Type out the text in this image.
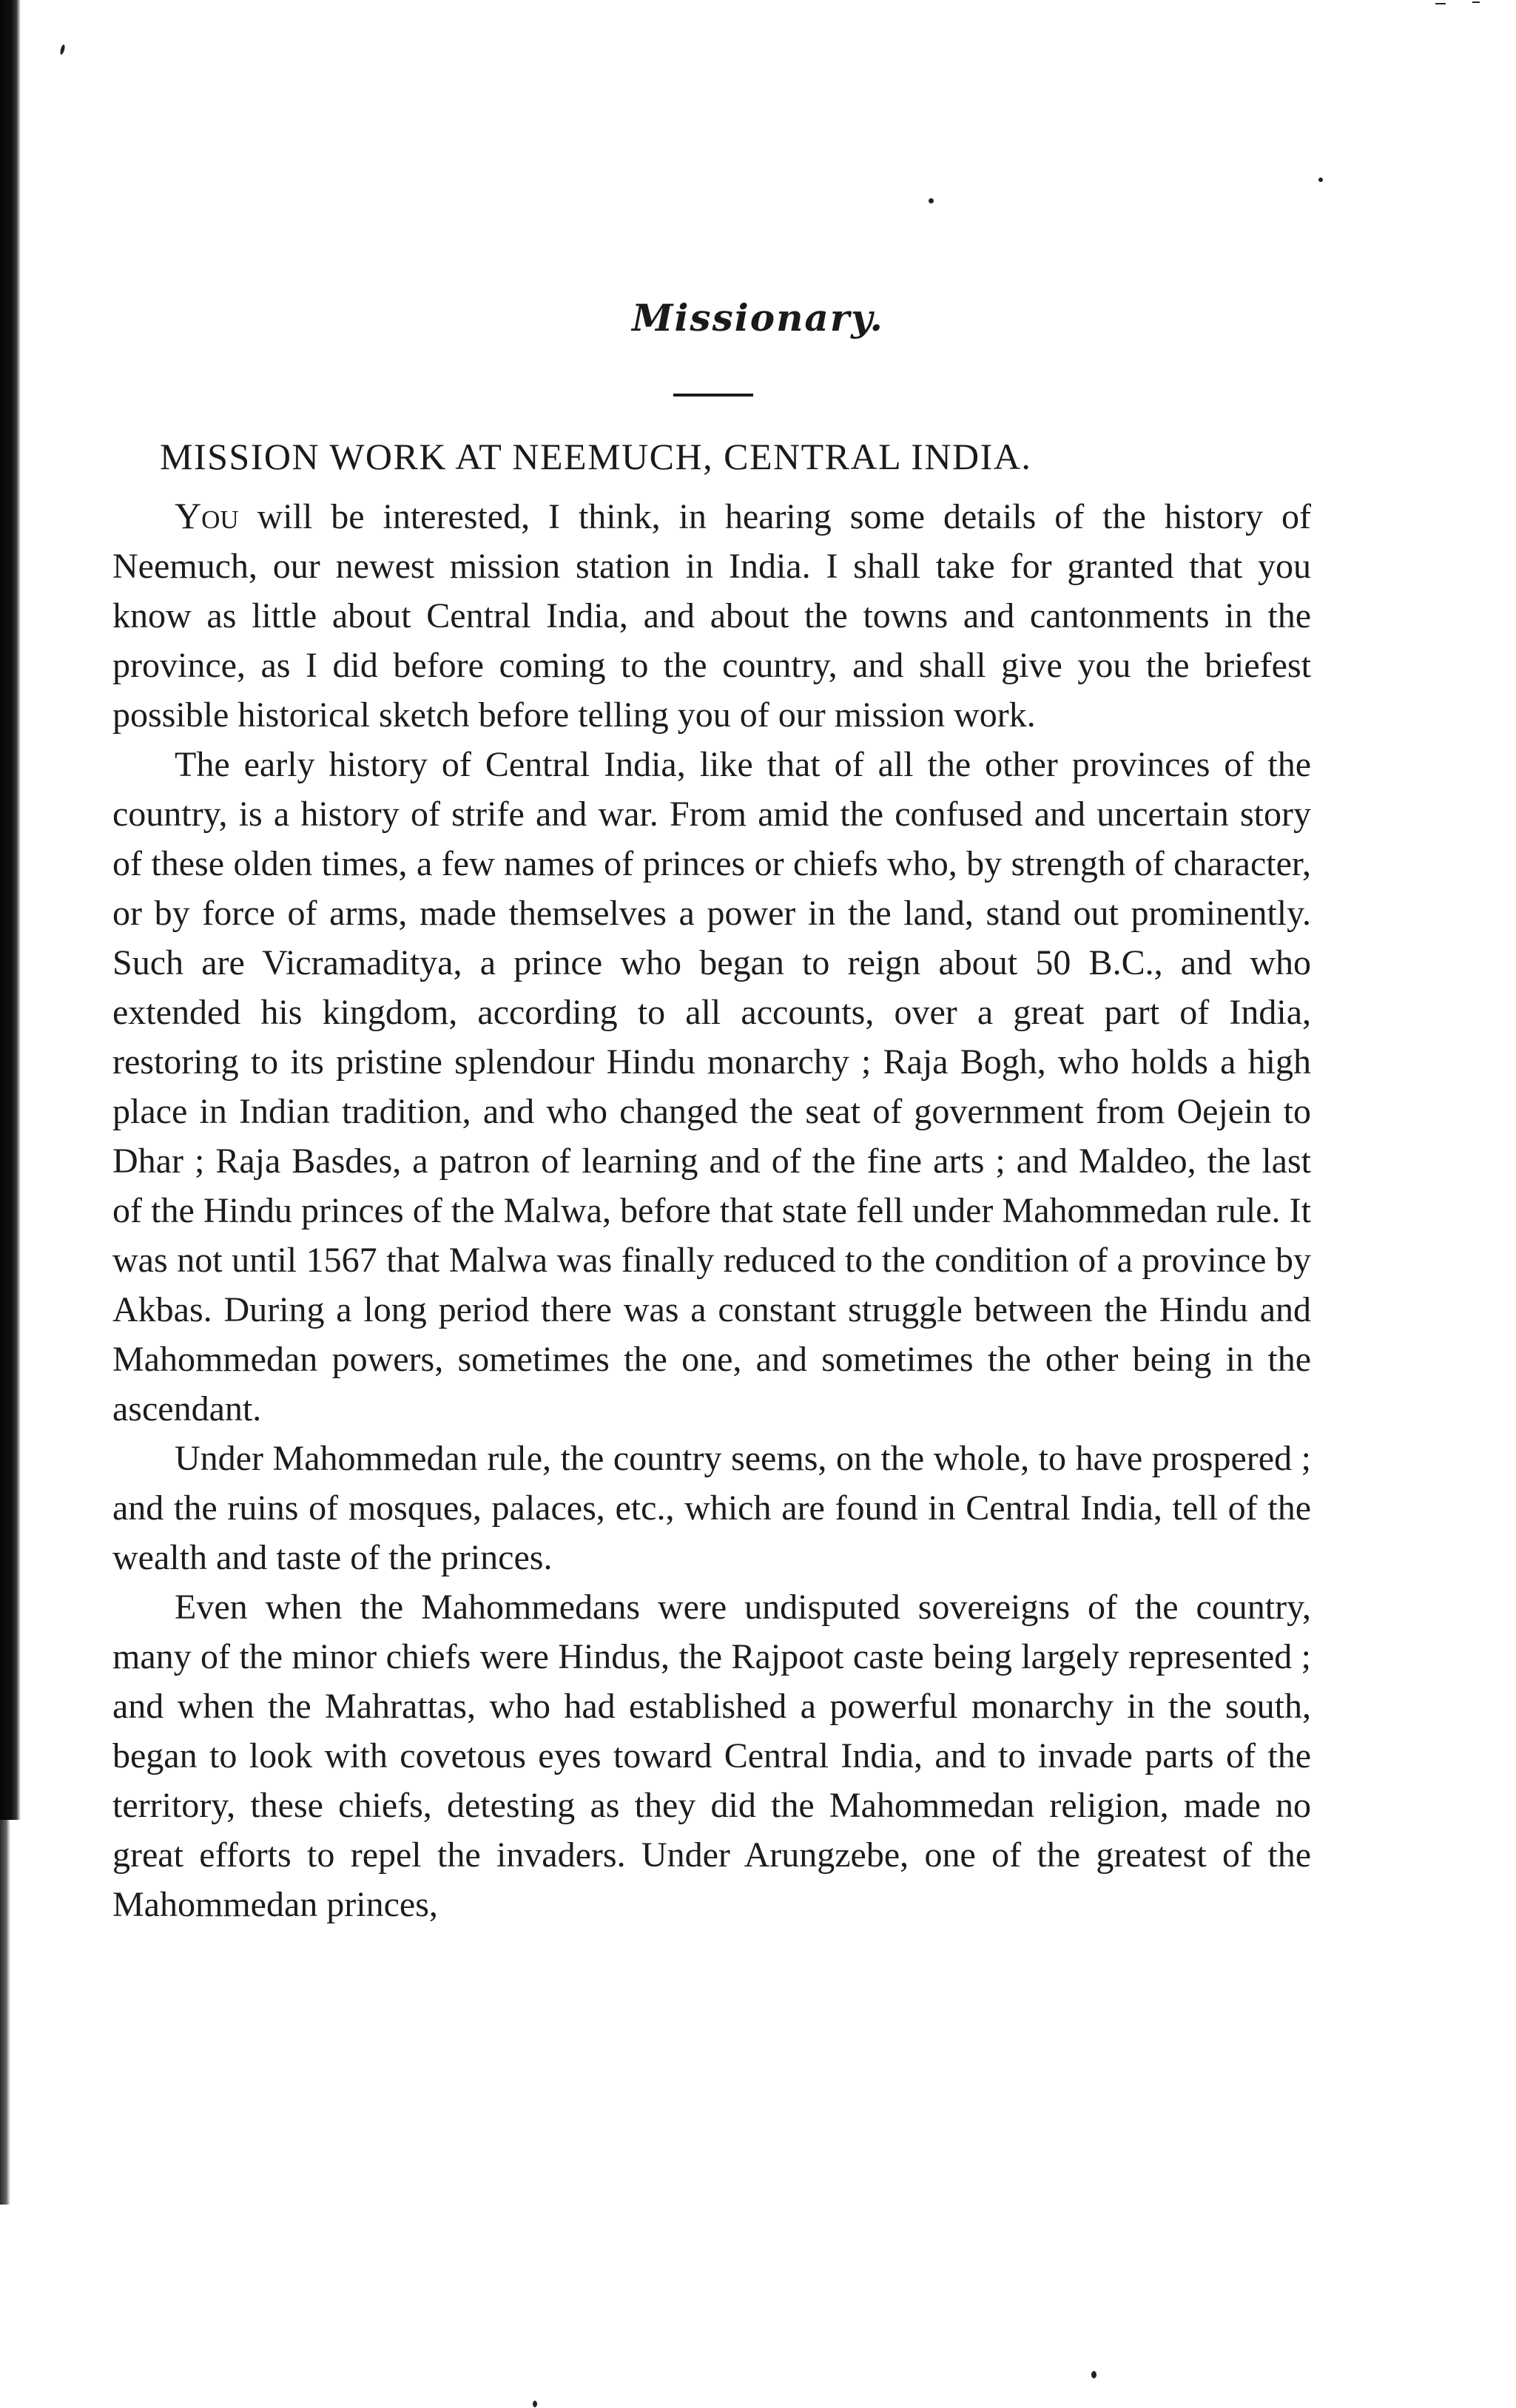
Missionary.
MISSION WORK AT NEEMUCH, CENTRAL INDIA.

You will be interested, I think, in hearing some details of the history of Neemuch, our newest mission station in India. I shall take for granted that you know as little about Central India, and about the towns and cantonments in the province, as I did before coming to the country, and shall give you the briefest possible historical sketch before telling you of our mission work.

The early history of Central India, like that of all the other provinces of the country, is a history of strife and war. From amid the confused and uncertain story of these olden times, a few names of princes or chiefs who, by strength of character, or by force of arms, made themselves a power in the land, stand out prominently. Such are Vicramaditya, a prince who began to reign about 50 B.C., and who extended his kingdom, according to all accounts, over a great part of India, restoring to its pristine splendour Hindu monarchy ; Raja Bogh, who holds a high place in Indian tradition, and who changed the seat of government from Oejein to Dhar ; Raja Basdes, a patron of learning and of the fine arts ; and Maldeo, the last of the Hindu princes of the Malwa, before that state fell under Mahommedan rule. It was not until 1567 that Malwa was finally reduced to the condition of a province by Akbas. During a long period there was a constant struggle between the Hindu and Mahommedan powers, sometimes the one, and sometimes the other being in the ascendant.

Under Mahommedan rule, the country seems, on the whole, to have prospered ; and the ruins of mosques, palaces, etc., which are found in Central India, tell of the wealth and taste of the princes.

Even when the Mahommedans were undisputed sovereigns of the country, many of the minor chiefs were Hindus, the Rajpoot caste being largely represented ; and when the Mahrattas, who had established a powerful monarchy in the south, began to look with covetous eyes toward Central India, and to invade parts of the territory, these chiefs, detesting as they did the Mahommedan religion, made no great efforts to repel the invaders. Under Arungzebe, one of the greatest of the Mahommedan princes,
